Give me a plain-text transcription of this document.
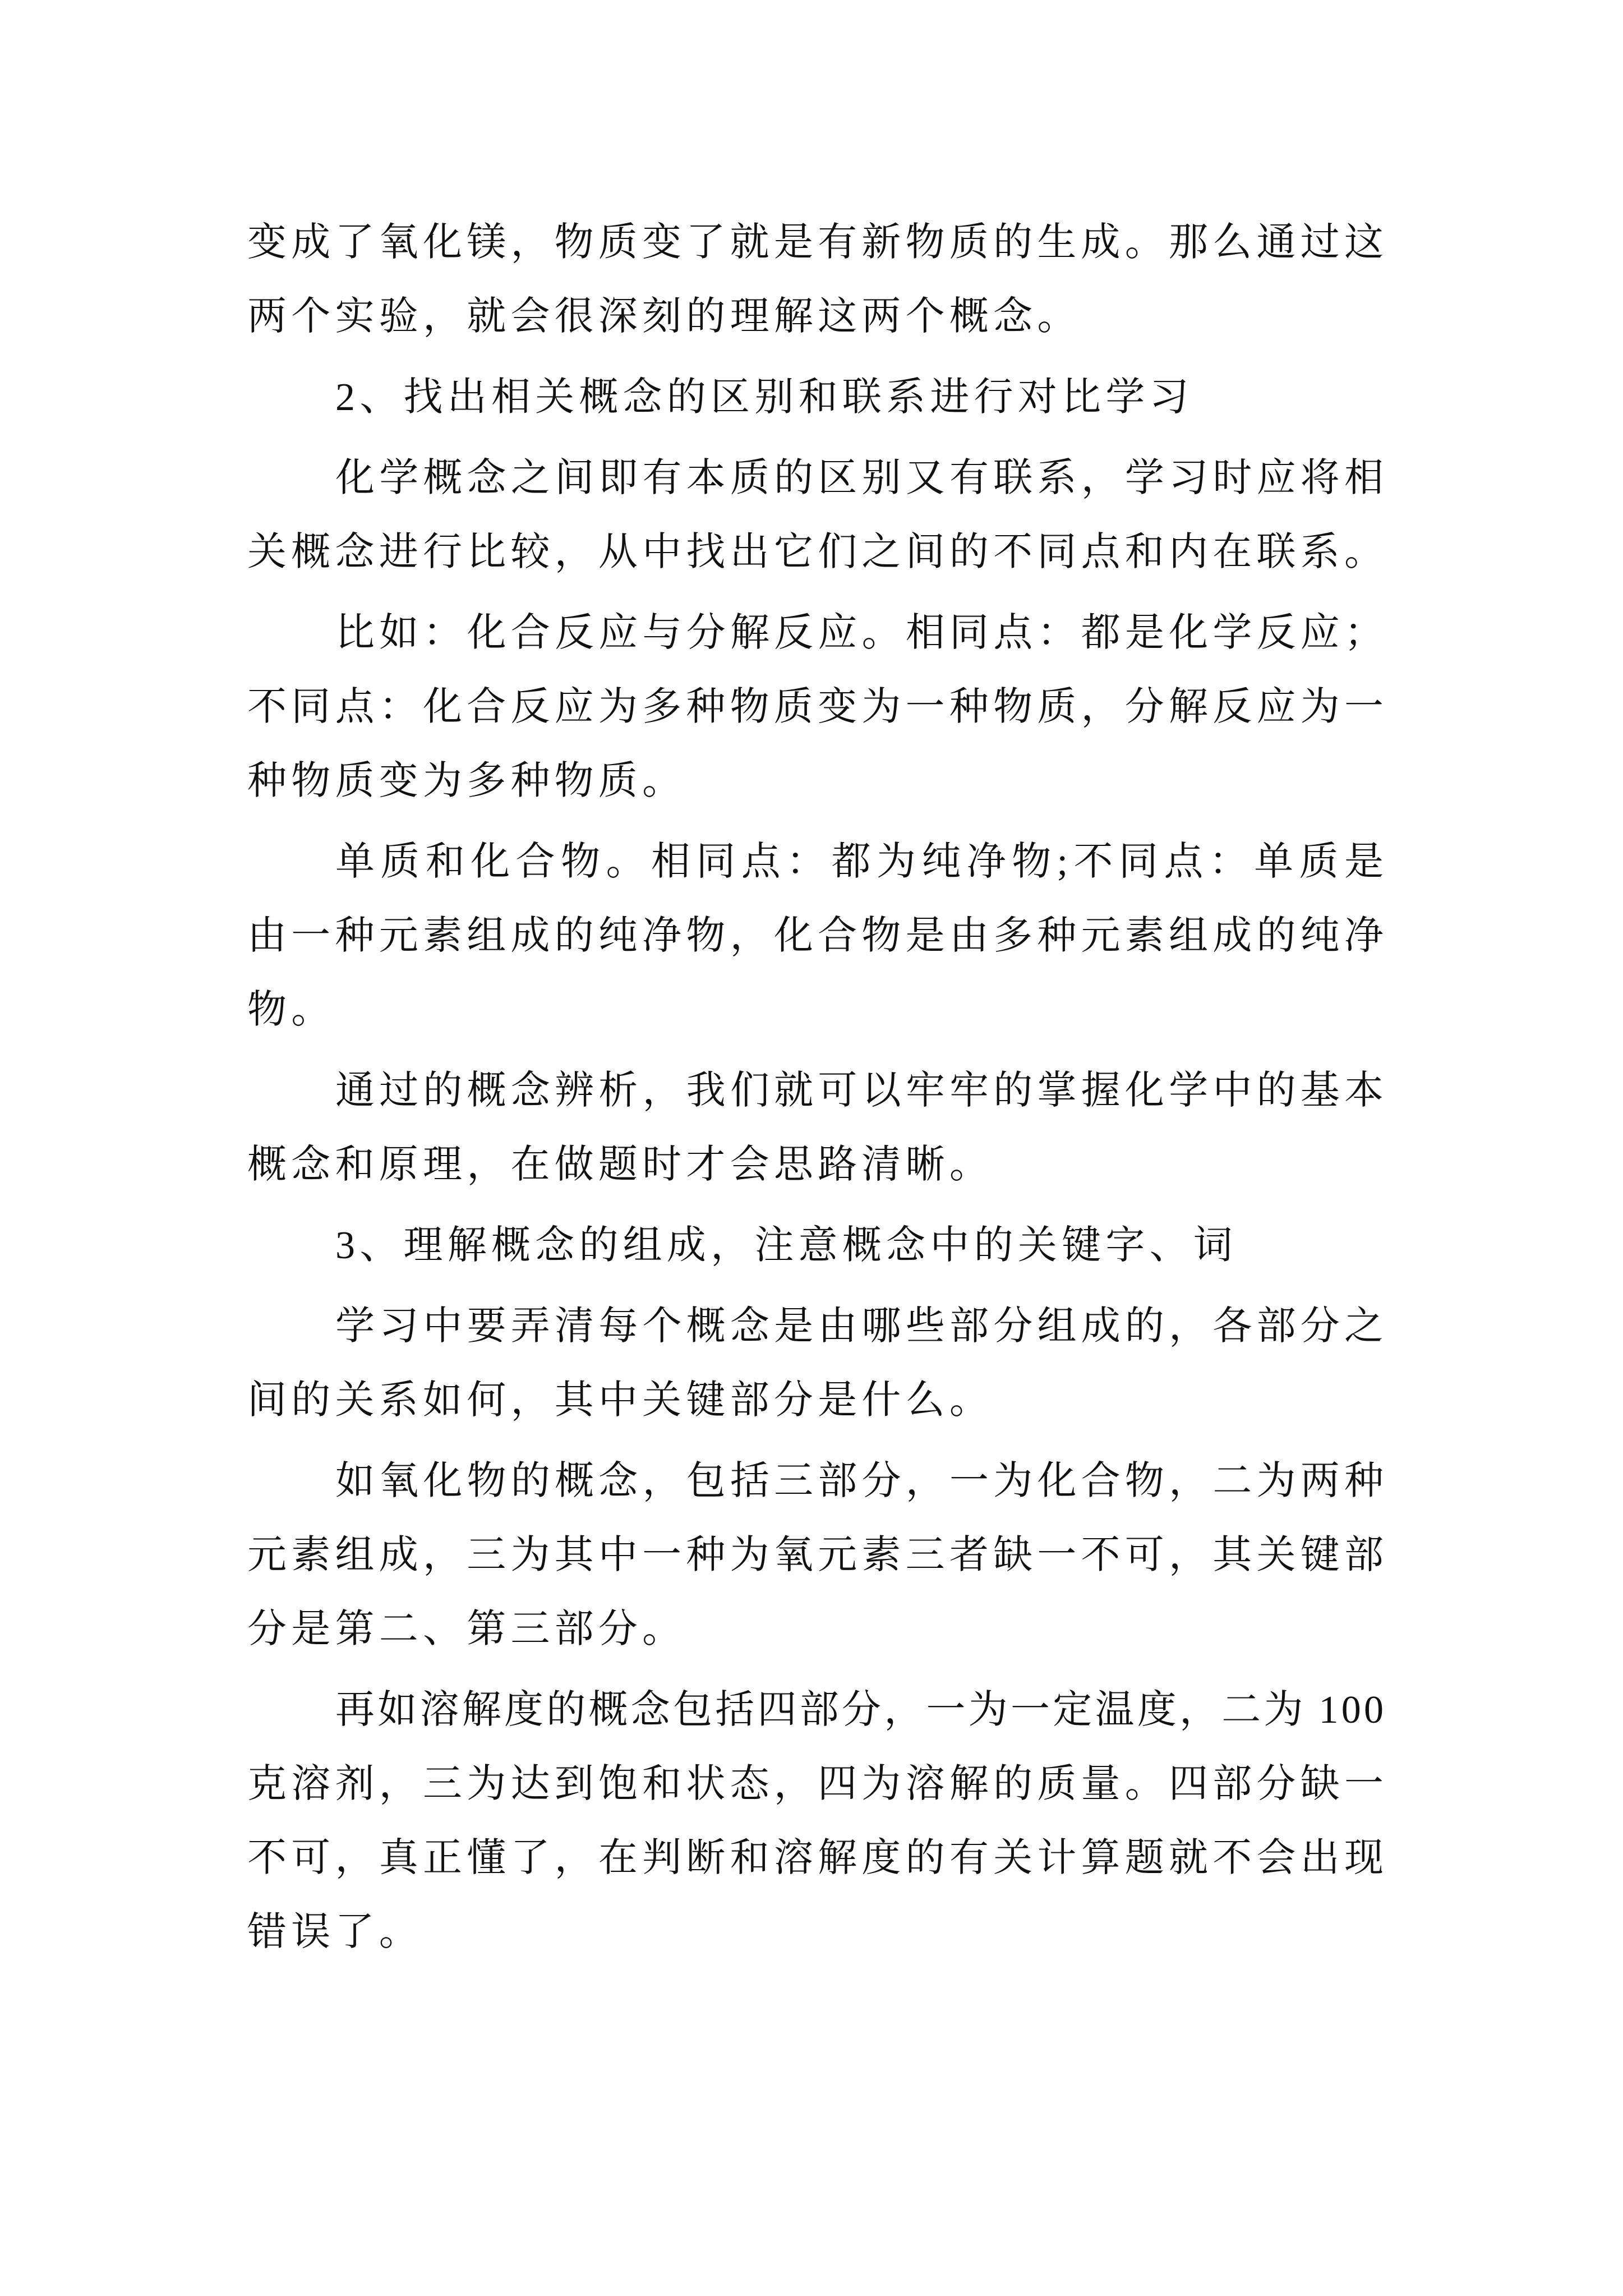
变成了氧化镁，物质变了就是有新物质的生成。那么通过这
两个实验，就会很深刻的理解这两个概念。
2、找出相关概念的区别和联系进行对比学习
化学概念之间即有本质的区别又有联系，学习时应将相
关概念进行比较，从中找出它们之间的不同点和内在联系。
比如：化合反应与分解反应。相同点：都是化学反应；
不同点：化合反应为多种物质变为一种物质，分解反应为一
种物质变为多种物质。
单质和化合物。相同点：都为纯净物;不同点：单质是
由一种元素组成的纯净物，化合物是由多种元素组成的纯净
物。
通过的概念辨析，我们就可以牢牢的掌握化学中的基本
概念和原理，在做题时才会思路清晰。
3、理解概念的组成，注意概念中的关键字、词
学习中要弄清每个概念是由哪些部分组成的，各部分之
间的关系如何，其中关键部分是什么。
如氧化物的概念，包括三部分，一为化合物，二为两种
元素组成，三为其中一种为氧元素三者缺一不可，其关键部
分是第二、第三部分。
再如溶解度的概念包括四部分，一为一定温度，二为 100
克溶剂，三为达到饱和状态，四为溶解的质量。四部分缺一
不可，真正懂了，在判断和溶解度的有关计算题就不会出现
错误了。
